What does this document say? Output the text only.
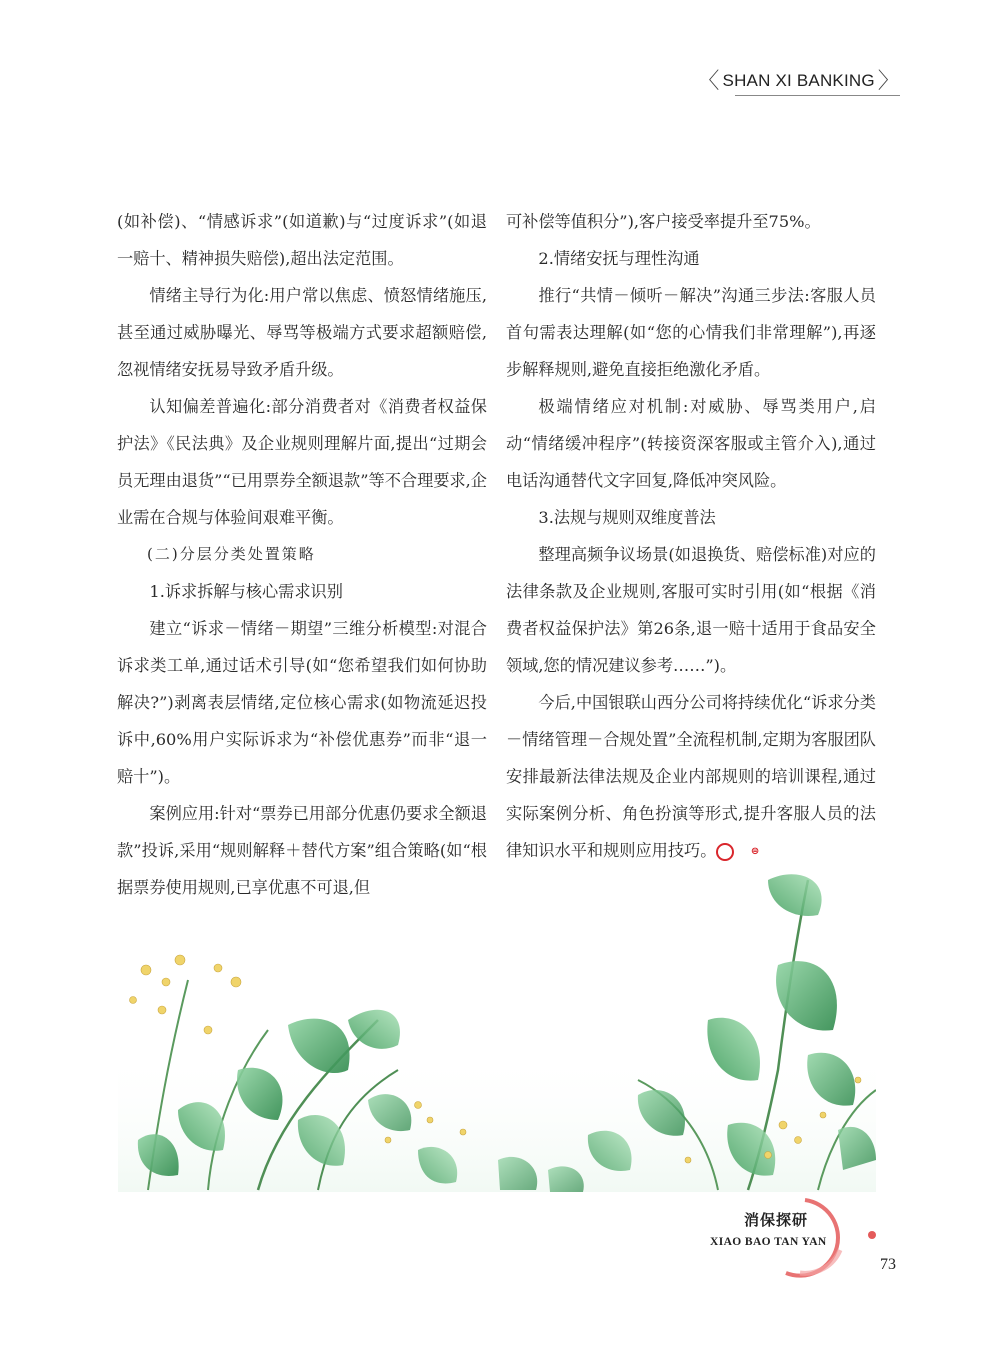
〈 SHAN XI BANKING 〉

(如补偿)、“情感诉求”(如道歉)与“过度诉求”(如退一赔十、精神损失赔偿),超出法定范围。

情绪主导行为化:用户常以焦虑、愤怒情绪施压,甚至通过威胁曝光、辱骂等极端方式要求超额赔偿,忽视情绪安抚易导致矛盾升级。

认知偏差普遍化:部分消费者对《消费者权益保护法》《民法典》及企业规则理解片面,提出“过期会员无理由退货”“已用票券全额退款”等不合理要求,企业需在合规与体验间艰难平衡。

(二)分层分类处置策略

1.诉求拆解与核心需求识别

建立“诉求－情绪－期望”三维分析模型:对混合诉求类工单,通过话术引导(如“您希望我们如何协助解决?”)剥离表层情绪,定位核心需求(如物流延迟投诉中,60%用户实际诉求为“补偿优惠券”而非“退一赔十”)。

案例应用:针对“票券已用部分优惠仍要求全额退款”投诉,采用“规则解释＋替代方案”组合策略(如“根据票券使用规则,已享优惠不可退,但

可补偿等值积分”),客户接受率提升至75%。

2.情绪安抚与理性沟通

推行“共情－倾听－解决”沟通三步法:客服人员首句需表达理解(如“您的心情我们非常理解”),再逐步解释规则,避免直接拒绝激化矛盾。

极端情绪应对机制:对威胁、辱骂类用户,启动“情绪缓冲程序”(转接资深客服或主管介入),通过电话沟通替代文字回复,降低冲突风险。

3.法规与规则双维度普法

整理高频争议场景(如退换货、赔偿标准)对应的法律条款及企业规则,客服可实时引用(如“根据《消费者权益保护法》第26条,退一赔十适用于食品安全领域,您的情况建议参考……”)。

今后,中国银联山西分公司将持续优化“诉求分类－情绪管理－合规处置”全流程机制,定期为客服团队安排最新法律法规及企业内部规则的培训课程,通过实际案例分析、角色扮演等形式,提升客服人员的法律知识水平和规则应用技巧。	⊜

消保探研
XIAO BAO TAN YAN
73
